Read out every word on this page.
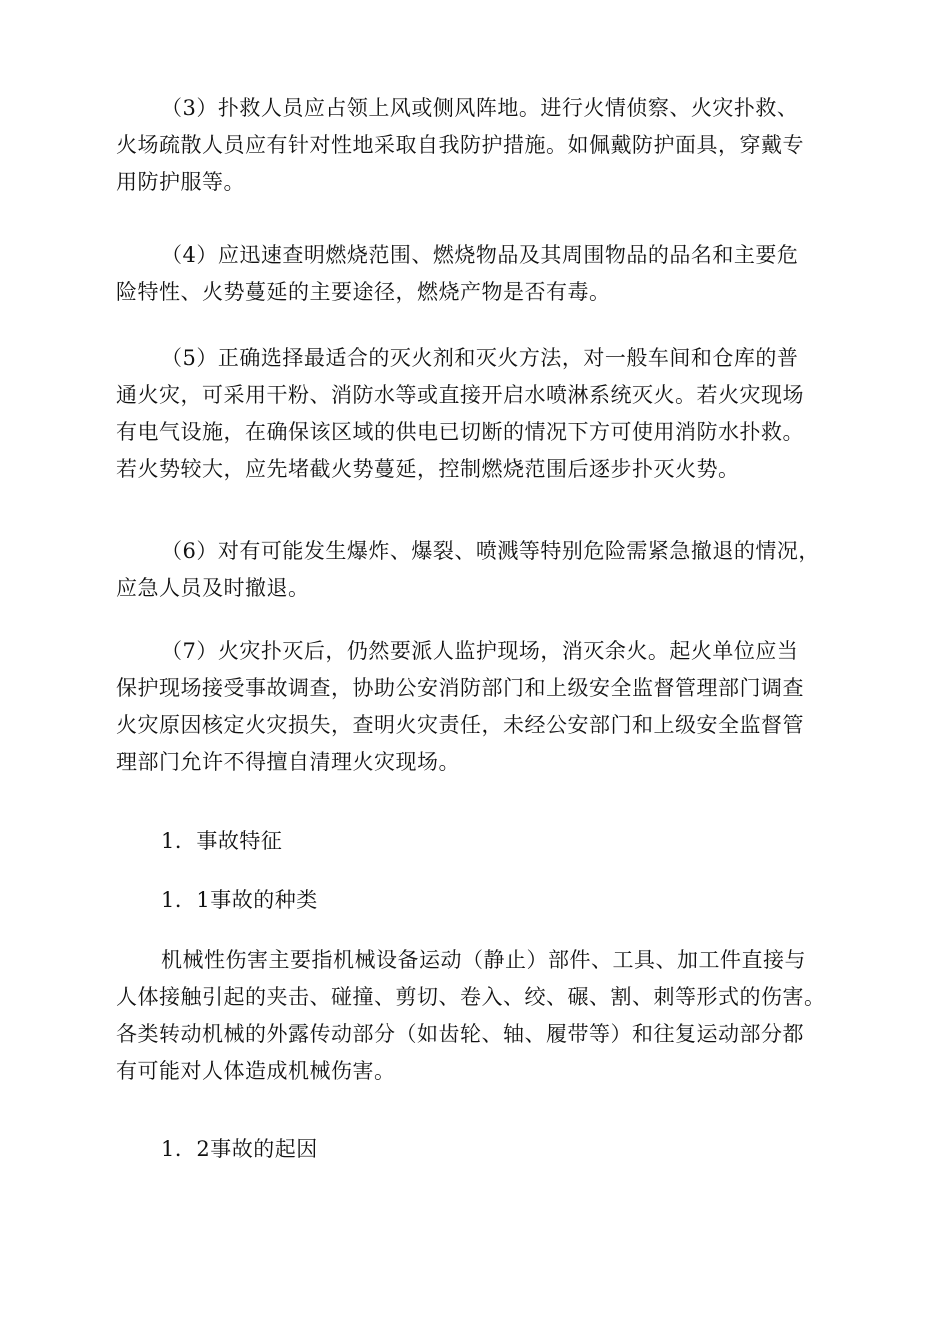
（3）扑救人员应占领上风或侧风阵地。进行火情侦察、火灾扑救、
火场疏散人员应有针对性地采取自我防护措施。如佩戴防护面具，穿戴专
用防护服等。
（4）应迅速查明燃烧范围、燃烧物品及其周围物品的品名和主要危
险特性、火势蔓延的主要途径，燃烧产物是否有毒。
（5）正确选择最适合的灭火剂和灭火方法，对一般车间和仓库的普
通火灾，可采用干粉、消防水等或直接开启水喷淋系统灭火。若火灾现场
有电气设施，在确保该区域的供电已切断的情况下方可使用消防水扑救。
若火势较大，应先堵截火势蔓延，控制燃烧范围后逐步扑灭火势。
（6）对有可能发生爆炸、爆裂、喷溅等特别危险需紧急撤退的情况，
应急人员及时撤退。
（7）火灾扑灭后，仍然要派人监护现场，消灭余火。起火单位应当
保护现场接受事故调查，协助公安消防部门和上级安全监督管理部门调查
火灾原因核定火灾损失，查明火灾责任，未经公安部门和上级安全监督管
理部门允许不得擅自清理火灾现场。
1．事故特征
1．1事故的种类
机械性伤害主要指机械设备运动（静止）部件、工具、加工件直接与
人体接触引起的夹击、碰撞、剪切、卷入、绞、碾、割、刺等形式的伤害。
各类转动机械的外露传动部分（如齿轮、轴、履带等）和往复运动部分都
有可能对人体造成机械伤害。
1．2事故的起因
